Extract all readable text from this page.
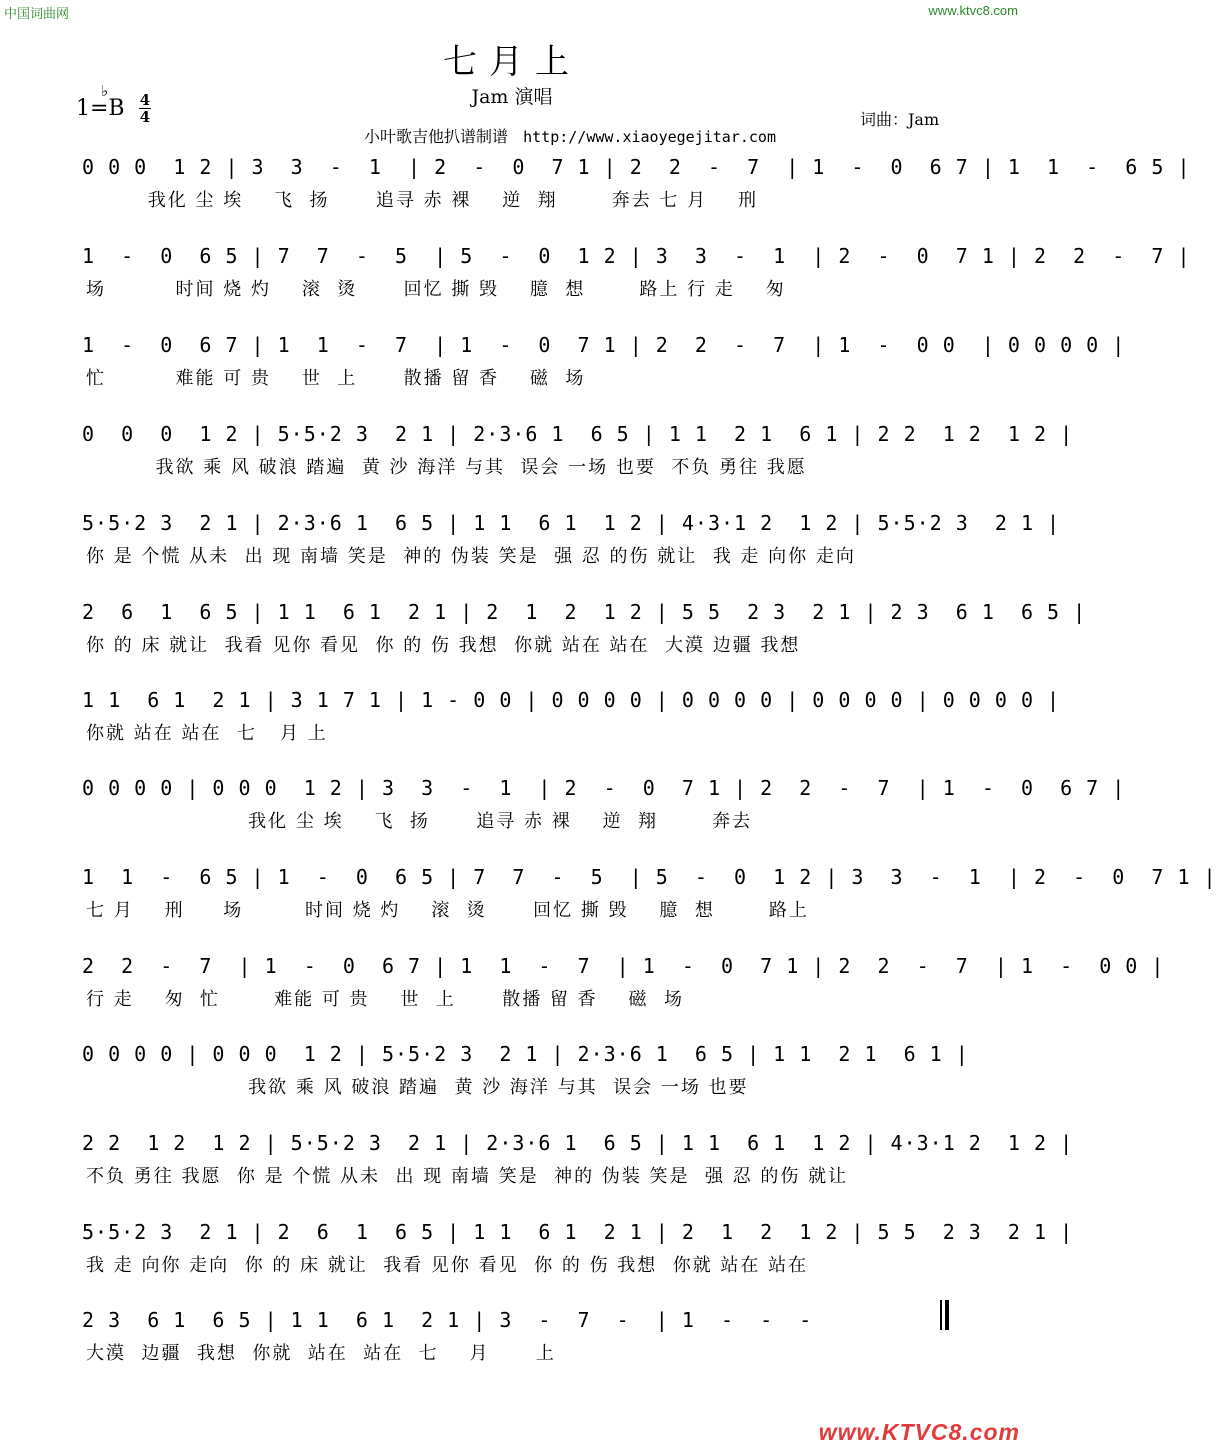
中国词曲网	www.ktvc8.com
七月上
Jam 演唱
1=B
♭ 4
4	词曲：Jam
小叶歌吉他扒谱制谱 http://www.xiaoyegejitar.com
0 0 0  1 2 | 3  3  -  1  | 2  -  0  7 1 | 2  2  -  7  | 1  -  0  6 7 | 1  1  -  6 5 |
我化 尘 埃    飞  扬      追寻 赤 裸    逆  翔       奔去 七 月    刑
1  -  0  6 5 | 7  7  -  5  | 5  -  0  1 2 | 3  3  -  1  | 2  -  0  7 1 | 2  2  -  7 |
场         时间 烧 灼    滚  烫      回忆 撕 毁    臆  想       路上 行 走    匆
1  -  0  6 7 | 1  1  -  7  | 1  -  0  7 1 | 2  2  -  7  | 1  -  0 0  | 0 0 0 0 |
忙         难能 可 贵    世  上      散播 留 香    磁  场
0  0  0  1 2 | 5·5·2 3  2 1 | 2·3·6 1  6 5 | 1 1  2 1  6 1 | 2 2  1 2  1 2 |
我欲 乘 风 破浪 踏遍  黄 沙 海洋 与其  误会 一场 也要  不负 勇往 我愿
5·5·2 3  2 1 | 2·3·6 1  6 5 | 1 1  6 1  1 2 | 4·3·1 2  1 2 | 5·5·2 3  2 1 |
你 是 个慌 从未  出 现 南墙 笑是  神的 伪装 笑是  强 忍 的伤 就让  我 走 向你 走向
2  6  1  6 5 | 1 1  6 1  2 1 | 2  1  2  1 2 | 5 5  2 3  2 1 | 2 3  6 1  6 5 |
你 的 床 就让  我看 见你 看见  你 的 伤 我想  你就 站在 站在  大漠 边疆 我想
1 1  6 1  2 1 | 3 1 7 1 | 1 - 0 0 | 0 0 0 0 | 0 0 0 0 | 0 0 0 0 | 0 0 0 0 |
你就 站在 站在  七   月 上
0 0 0 0 | 0 0 0  1 2 | 3  3  -  1  | 2  -  0  7 1 | 2  2  -  7  | 1  -  0  6 7 |
我化 尘 埃    飞  扬      追寻 赤 裸    逆  翔       奔去
1  1  -  6 5 | 1  -  0  6 5 | 7  7  -  5  | 5  -  0  1 2 | 3  3  -  1  | 2  -  0  7 1 |
七 月    刑     场        时间 烧 灼    滚  烫      回忆 撕 毁    臆  想       路上
2  2  -  7  | 1  -  0  6 7 | 1  1  -  7  | 1  -  0  7 1 | 2  2  -  7  | 1  -  0 0 |
行 走    匆  忙       难能 可 贵    世  上      散播 留 香    磁  场
0 0 0 0 | 0 0 0  1 2 | 5·5·2 3  2 1 | 2·3·6 1  6 5 | 1 1  2 1  6 1 |
我欲 乘 风 破浪 踏遍  黄 沙 海洋 与其  误会 一场 也要
2 2  1 2  1 2 | 5·5·2 3  2 1 | 2·3·6 1  6 5 | 1 1  6 1  1 2 | 4·3·1 2  1 2 |
不负 勇往 我愿  你 是 个慌 从未  出 现 南墙 笑是  神的 伪装 笑是  强 忍 的伤 就让
5·5·2 3  2 1 | 2  6  1  6 5 | 1 1  6 1  2 1 | 2  1  2  1 2 | 5 5  2 3  2 1 |
我 走 向你 走向  你 的 床 就让  我看 见你 看见  你 的 伤 我想  你就 站在 站在
2 3  6 1  6 5 | 1 1  6 1  2 1 | 3  -  7  -  | 1  -  -  -
大漠  边疆  我想  你就  站在  站在  七    月      上
www.KTVC8.com
